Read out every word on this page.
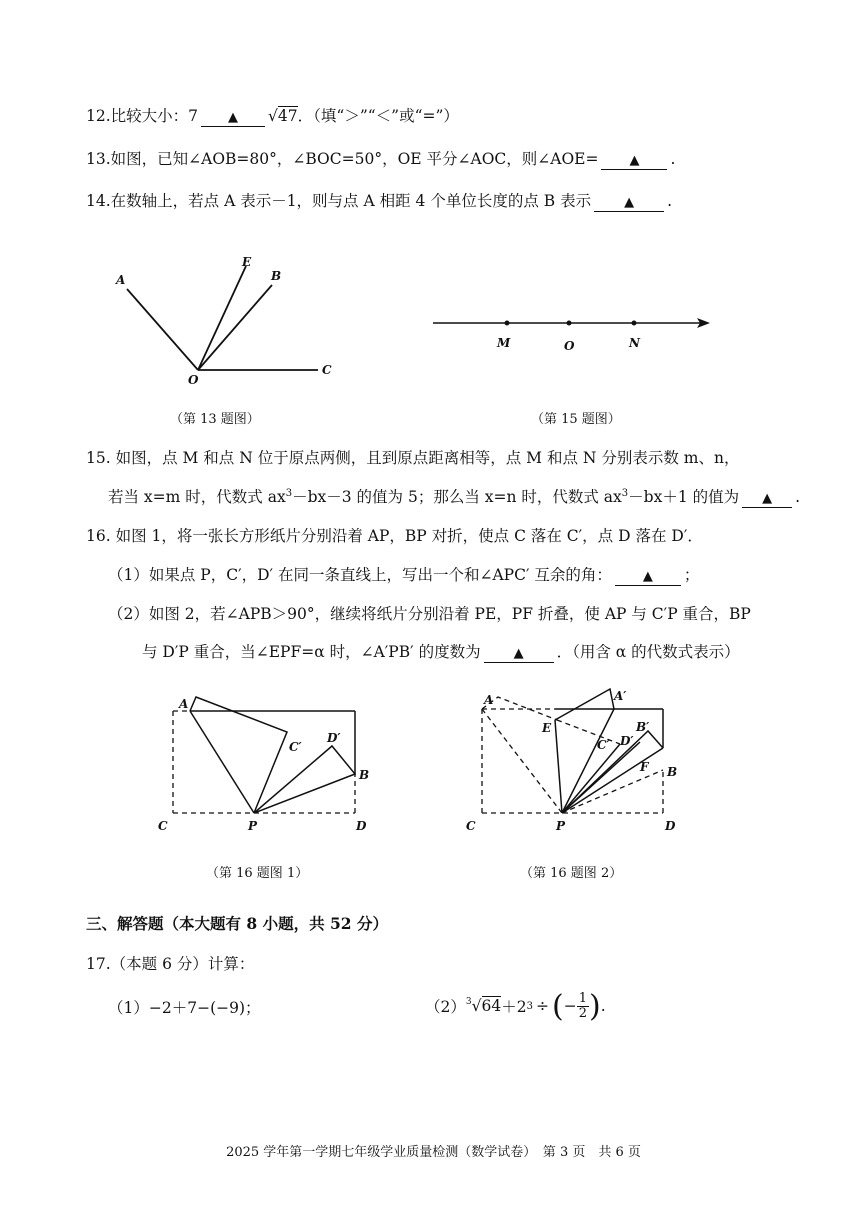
12.比较大小：7 ▲ √47．（填“＞”“＜”或“=”）
13.如图，已知∠AOB=80°，∠BOC=50°，OE 平分∠AOC，则∠AOE= ▲ .
14.在数轴上，若点 A 表示－1，则与点 A 相距 4 个单位长度的点 B 表示	▲ .
A
E
B
O
C
（第 13 题图）
M	O	N
（第 15 题图）
15. 如图，点 M 和点 N 位于原点两侧，且到原点距离相等，点 M 和点 N 分别表示数 m、n，
若当 x=m 时，代数式 $ax^3-bx-3$ 的值为 5；那么当 x=n 时，代数式 $ax^3-bx+1$ 的值为 ▲ .
16. 如图 1，将一张长方形纸片分别沿着 AP，BP 对折，使点 C 落在 C′，点 D 落在 D′．
（1）如果点 P，C′，D′ 在同一条直线上，写出一个和∠APC′ 互余的角： ▲ ；
（2）如图 2，若∠APB＞90°，继续将纸片分别沿着 PE，PF 折叠，使 AP 与 C′P 重合，BP
与 D′P 重合，当∠EPF=α 时，∠A′PB′ 的度数为	▲ ．（用含 α 的代数式表示）
A
C′
D′
B
C	P	D
（第 16 题图 1）
A	A′
E	B′
C′ D′
F B
C	P	D
（第 16 题图 2）
三、解答题（本大题有 8 小题，共 52 分）
17.（本题 6 分）计算：
（1）−2＋7−(−9)；	（2） $^3$√64 ＋2 3 ÷ ( − $\frac{1}{2}$ ) .
2025 学年第一学期七年级学业质量检测（数学试卷）　第 3 页　共 6 页
